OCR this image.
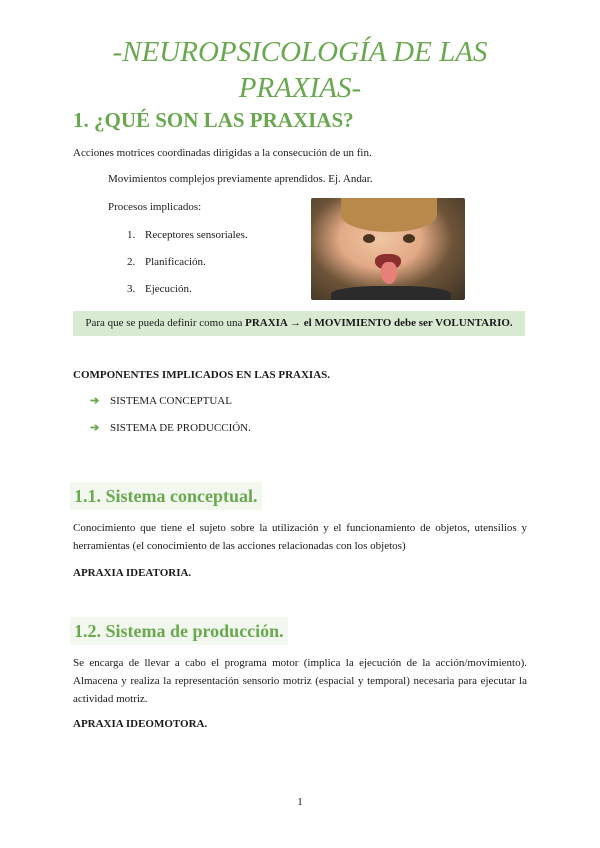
-NEUROPSICOLOGÍA DE LAS
PRAXIAS-
1. ¿QUÉ SON LAS PRAXIAS?
Acciones motrices coordinadas dirigidas a la consecución de un fin.
Movimientos complejos previamente aprendidos. Ej. Andar.
Procesos implicados:
1. Receptores sensoriales.
2. Planificación.
3. Ejecución.
Para que se pueda definir como una PRAXIA → el MOVIMIENTO debe ser VOLUNTARIO.
COMPONENTES IMPLICADOS EN LAS PRAXIAS.
➔ SISTEMA CONCEPTUAL
➔ SISTEMA DE PRODUCCIÓN.
1.1. Sistema conceptual.
Conocimiento que tiene el sujeto sobre la utilización y el funcionamiento de objetos, utensilios y herramientas (el conocimiento de las acciones relacionadas con los objetos)
APRAXIA IDEATORIA.
1.2. Sistema de producción.
Se encarga de llevar a cabo el programa motor (implica la ejecución de la acción/movimiento). Almacena y realiza la representación sensorio motriz (espacial y temporal) necesaria para ejecutar la actividad motriz.
APRAXIA IDEOMOTORA.
1
